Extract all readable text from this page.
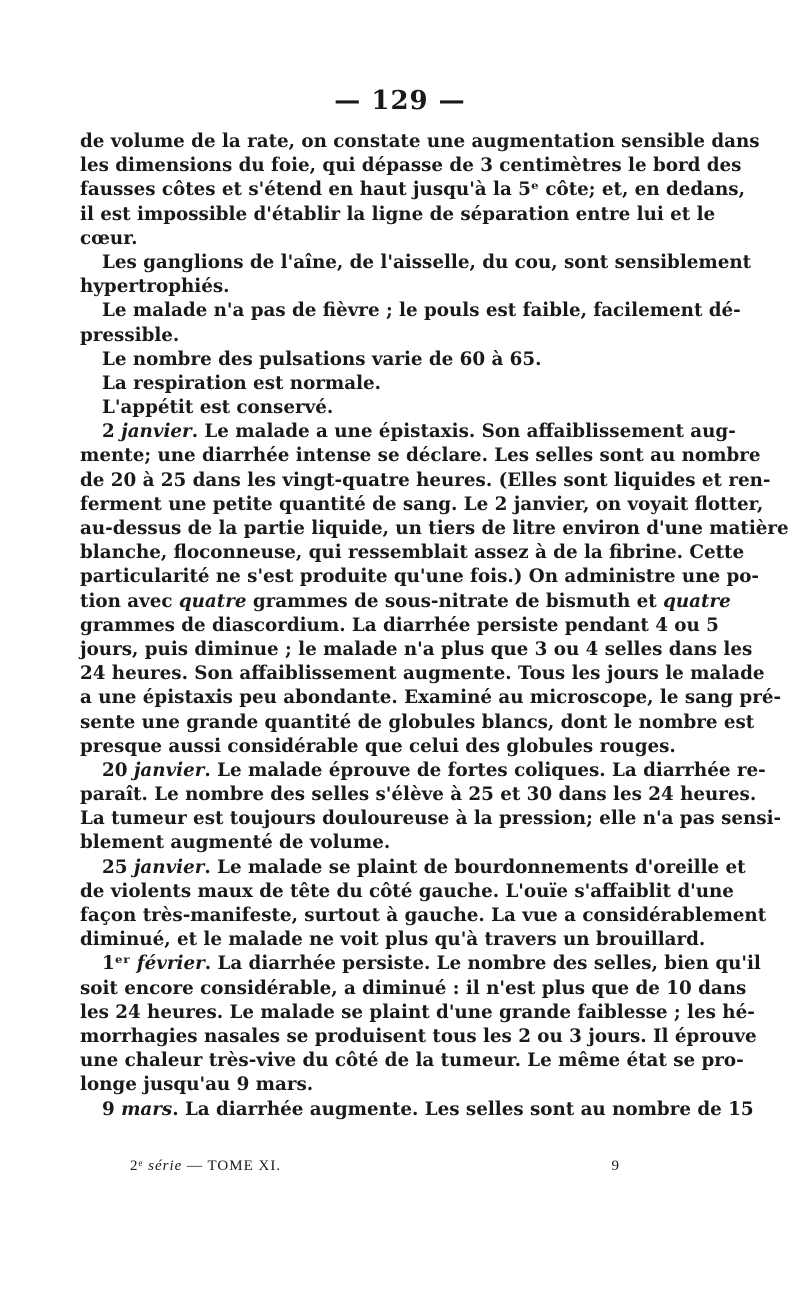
— 129 —
de volume de la rate, on constate une augmentation sensible dans
les dimensions du foie, qui dépasse de 3 centimètres le bord des
fausses côtes et s'étend en haut jusqu'à la 5ᵉ côte; et, en dedans,
il est impossible d'établir la ligne de séparation entre lui et le
cœur.
Les ganglions de l'aîne, de l'aisselle, du cou, sont sensiblement
hypertrophiés.
Le malade n'a pas de fièvre ; le pouls est faible, facilement dé-
pressible.
Le nombre des pulsations varie de 60 à 65.
La respiration est normale.
L'appétit est conservé.
2 janvier. Le malade a une épistaxis. Son affaiblissement aug-
mente; une diarrhée intense se déclare. Les selles sont au nombre
de 20 à 25 dans les vingt-quatre heures. (Elles sont liquides et ren-
ferment une petite quantité de sang. Le 2 janvier, on voyait flotter,
au-dessus de la partie liquide, un tiers de litre environ d'une matière
blanche, floconneuse, qui ressemblait assez à de la fibrine. Cette
particularité ne s'est produite qu'une fois.) On administre une po-
tion avec quatre grammes de sous-nitrate de bismuth et quatre
grammes de diascordium. La diarrhée persiste pendant 4 ou 5
jours, puis diminue ; le malade n'a plus que 3 ou 4 selles dans les
24 heures. Son affaiblissement augmente. Tous les jours le malade
a une épistaxis peu abondante. Examiné au microscope, le sang pré-
sente une grande quantité de globules blancs, dont le nombre est
presque aussi considérable que celui des globules rouges.
20 janvier. Le malade éprouve de fortes coliques. La diarrhée re-
paraît. Le nombre des selles s'élève à 25 et 30 dans les 24 heures.
La tumeur est toujours douloureuse à la pression; elle n'a pas sensi-
blement augmenté de volume.
25 janvier. Le malade se plaint de bourdonnements d'oreille et
de violents maux de tête du côté gauche. L'ouïe s'affaiblit d'une
façon très-manifeste, surtout à gauche. La vue a considérablement
diminué, et le malade ne voit plus qu'à travers un brouillard.
1ᵉʳ février. La diarrhée persiste. Le nombre des selles, bien qu'il
soit encore considérable, a diminué : il n'est plus que de 10 dans
les 24 heures. Le malade se plaint d'une grande faiblesse ; les hé-
morrhagies nasales se produisent tous les 2 ou 3 jours. Il éprouve
une chaleur très-vive du côté de la tumeur. Le même état se pro-
longe jusqu'au 9 mars.
9 mars. La diarrhée augmente. Les selles sont au nombre de 15
2ᵉ série — TOME XI.	9
